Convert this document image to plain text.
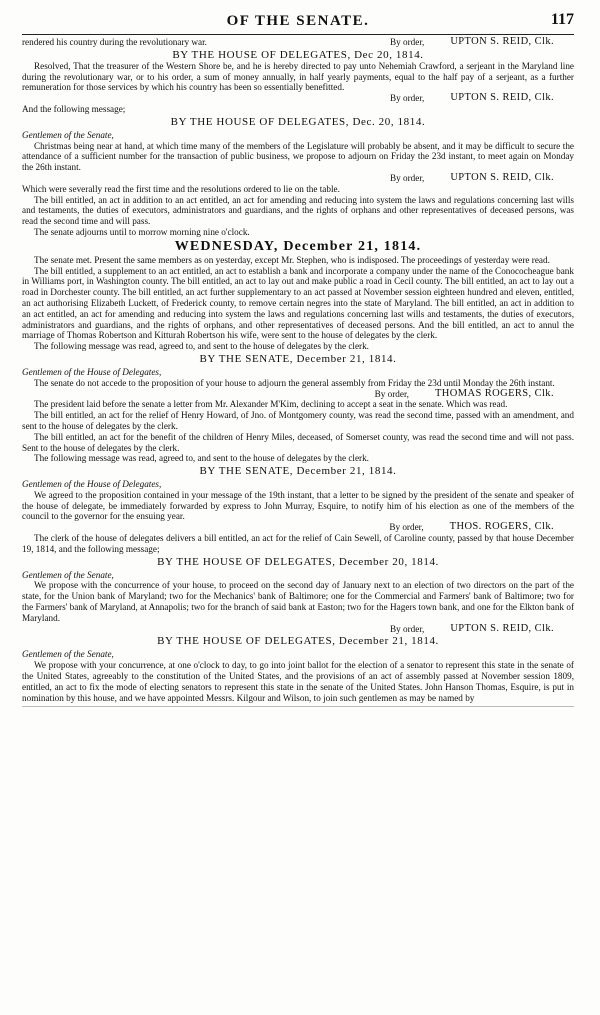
OF THE SENATE.	117
rendered his country during the revolutionary war.	By order, UPTON S. REID, Clk.
BY THE HOUSE OF DELEGATES, Dec 20, 1814.

Resolved, That the treasurer of the Western Shore be, and he is hereby directed to pay unto Nehemiah Crawford, a serjeant in the Maryland line during the revolutionary war, or to his order, a sum of money annually, in half yearly payments, equal to the half pay of a serjeant, as a further remuneration for those services by which his country has been so essentially benefitted.

By order, UPTON S. REID, Clk.

And the following message;

BY THE HOUSE OF DELEGATES, Dec. 20, 1814.

Gentlemen of the Senate,

Christmas being near at hand, at which time many of the members of the Legislature will probably be absent, and it may be difficult to secure the attendance of a sufficient number for the transaction of public business, we propose to adjourn on Friday the 23d instant, to meet again on Monday the 26th instant.

By order, UPTON S. REID, Clk.

Which were severally read the first time and the resolutions ordered to lie on the table.

The bill entitled, an act in addition to an act entitled, an act for amending and reducing into system the laws and regulations concerning last wills and testaments, the duties of executors, administrators and guardians, and the rights of orphans and other representatives of deceased persons, was read the second time and will pass.

The senate adjourns until to morrow morning nine o'clock.

WEDNESDAY, December 21, 1814.

The senate met. Present the same members as on yesterday, except Mr. Stephen, who is indisposed. The proceedings of yesterday were read.

The bill entitled, a supplement to an act entitled, an act to establish a bank and incorporate a company under the name of the Conococheague bank in Williams port, in Washington county. The bill entitled, an act to lay out and make public a road in Cecil county. The bill entitled, an act to lay out a road in Dorchester county. The bill entitled, an act further supplementary to an act passed at November session eighteen hundred and eleven, entitled, an act authorising Elizabeth Luckett, of Frederick county, to remove certain negres into the state of Maryland. The bill entitled, an act in addition to an act entitled, an act for amending and reducing into system the laws and regulations concerning last wills and testaments, the duties of executors, administrators and guardians, and the rights of orphans, and other representatives of deceased persons. And the bill entitled, an act to annul the marriage of Thomas Robertson and Kitturah Robertson his wife, were sent to the house of delegates by the clerk.

The following message was read, agreed to, and sent to the house of delegates by the clerk.

BY THE SENATE, December 21, 1814.

Gentlemen of the House of Delegates,

The senate do not accede to the proposition of your house to adjourn the general assembly from Friday the 23d until Monday the 26th instant.

By order, THOMAS ROGERS, Clk.

The president laid before the senate a letter from Mr. Alexander M'Kim, declining to accept a seat in the senate. Which was read.

The bill entitled, an act for the relief of Henry Howard, of Jno. of Montgomery county, was read the second time, passed with an amendment, and sent to the house of delegates by the clerk.

The bill entitled, an act for the benefit of the children of Henry Miles, deceased, of Somerset county, was read the second time and will not pass. Sent to the house of delegates by the clerk.

The following message was read, agreed to, and sent to the house of delegates by the clerk.

BY THE SENATE, December 21, 1814.

Gentlemen of the House of Delegates,

We agreed to the proposition contained in your message of the 19th instant, that a letter to be signed by the president of the senate and speaker of the house of delegate, be immediately forwarded by express to John Murray, Esquire, to notify him of his election as one of the members of the council to the governor for the ensuing year.

By order, THOS. ROGERS, Clk.

The clerk of the house of delegates delivers a bill entitled, an act for the relief of Cain Sewell, of Caroline county, passed by that house December 19, 1814, and the following message;

BY THE HOUSE OF DELEGATES, December 20, 1814.

Gentlemen of the Senate,

We propose with the concurrence of your house, to proceed on the second day of January next to an election of two directors on the part of the state, for the Union bank of Maryland; two for the Mechanics' bank of Baltimore; one for the Commercial and Farmers' bank of Baltimore; two for the Farmers' bank of Maryland, at Annapolis; two for the branch of said bank at Easton; two for the Hagers town bank, and one for the Elkton bank of Maryland.

By order, UPTON S. REID, Clk.
BY THE HOUSE OF DELEGATES, December 21, 1814.

Gentlemen of the Senate,

We propose with your concurrence, at one o'clock to day, to go into joint ballot for the election of a senator to represent this state in the senate of the United States, agreeably to the constitution of the United States, and the provisions of an act of assembly passed at November session 1809, entitled, an act to fix the mode of electing senators to represent this state in the senate of the United States. John Hanson Thomas, Esquire, is put in nomination by this house, and we have appointed Messrs. Kilgour and Wilson, to join such gentlemen as may be named by
